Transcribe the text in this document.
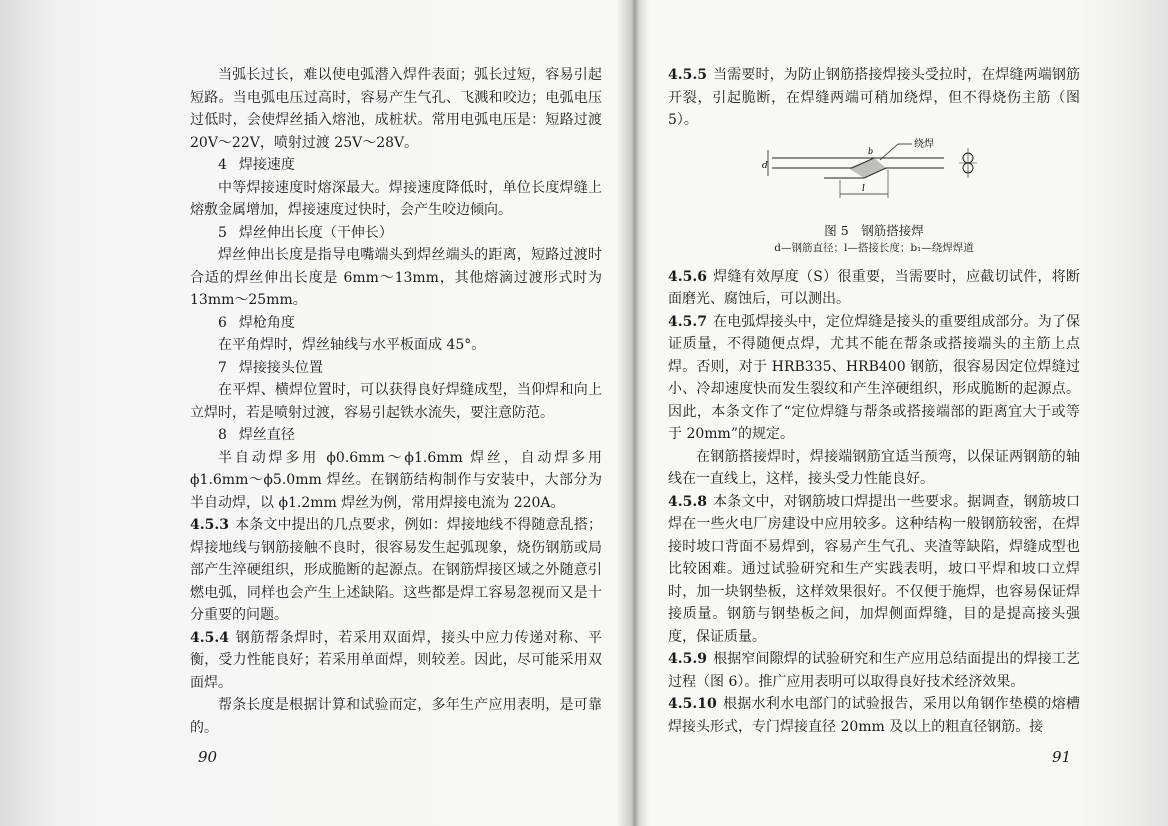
当弧长过长，难以使电弧潜入焊件表面；弧长过短，容易引起短路。当电弧电压过高时，容易产生气孔、飞溅和咬边；电弧电压过低时，会使焊丝插入熔池，成桩状。常用电弧电压是：短路过渡 20V～22V，喷射过渡 25V～28V。

4 焊接速度

中等焊接速度时熔深最大。焊接速度降低时，单位长度焊缝上熔敷金属增加，焊接速度过快时，会产生咬边倾向。

5 焊丝伸出长度（干伸长）

焊丝伸出长度是指导电嘴端头到焊丝端头的距离，短路过渡时合适的焊丝伸出长度是 6mm～13mm，其他熔滴过渡形式时为 13mm～25mm。

6 焊枪角度

在平角焊时，焊丝轴线与水平板面成 45°。

7 焊接接头位置

在平焊、横焊位置时，可以获得良好焊缝成型，当仰焊和向上立焊时，若是喷射过渡，容易引起铁水流失，要注意防范。

8 焊丝直径

半自动焊多用 ϕ0.6mm～ϕ1.6mm 焊丝，自动焊多用 ϕ1.6mm～ϕ5.0mm 焊丝。在钢筋结构制作与安装中，大部分为半自动焊，以 ϕ1.2mm 焊丝为例，常用焊接电流为 220A。

4.5.3 本条文中提出的几点要求，例如：焊接地线不得随意乱搭；焊接地线与钢筋接触不良时，很容易发生起弧现象，烧伤钢筋或局部产生淬硬组织，形成脆断的起源点。在钢筋焊接区域之外随意引燃电弧，同样也会产生上述缺陷。这些都是焊工容易忽视而又是十分重要的问题。

4.5.4 钢筋帮条焊时，若采用双面焊，接头中应力传递对称、平衡，受力性能良好；若采用单面焊，则较差。因此，尽可能采用双面焊。

帮条长度是根据计算和试验而定，多年生产应用表明，是可靠的。

90

4.5.5 当需要时，为防止钢筋搭接焊接头受拉时，在焊缝两端钢筋开裂，引起脆断，在焊缝两端可稍加绕焊，但不得烧伤主筋（图 5）。

d
l
绕焊
b
图 5　钢筋搭接焊
d—钢筋直径；l—搭接长度；b₁—绕焊焊道

4.5.6 焊缝有效厚度（S）很重要，当需要时，应截切试件，将断面磨光、腐蚀后，可以测出。

4.5.7 在电弧焊接头中，定位焊缝是接头的重要组成部分。为了保证质量，不得随便点焊，尤其不能在帮条或搭接端头的主筋上点焊。否则，对于 HRB335、HRB400 钢筋，很容易因定位焊缝过小、冷却速度快而发生裂纹和产生淬硬组织，形成脆断的起源点。因此，本条文作了“定位焊缝与帮条或搭接端部的距离宜大于或等于 20mm”的规定。

在钢筋搭接焊时，焊接端钢筋宜适当预弯，以保证两钢筋的轴线在一直线上，这样，接头受力性能良好。

4.5.8 本条文中，对钢筋坡口焊提出一些要求。据调查，钢筋坡口焊在一些火电厂房建设中应用较多。这种结构一般钢筋较密，在焊接时坡口背面不易焊到，容易产生气孔、夹渣等缺陷，焊缝成型也比较困难。通过试验研究和生产实践表明，坡口平焊和坡口立焊时，加一块钢垫板，这样效果很好。不仅便于施焊，也容易保证焊接质量。钢筋与钢垫板之间，加焊侧面焊缝，目的是提高接头强度，保证质量。

4.5.9 根据窄间隙焊的试验研究和生产应用总结面提出的焊接工艺过程（图 6）。推广应用表明可以取得良好技术经济效果。

4.5.10 根据水利水电部门的试验报告，采用以角钢作垫模的熔槽焊接头形式，专门焊接直径 20mm 及以上的粗直径钢筋。接

91
